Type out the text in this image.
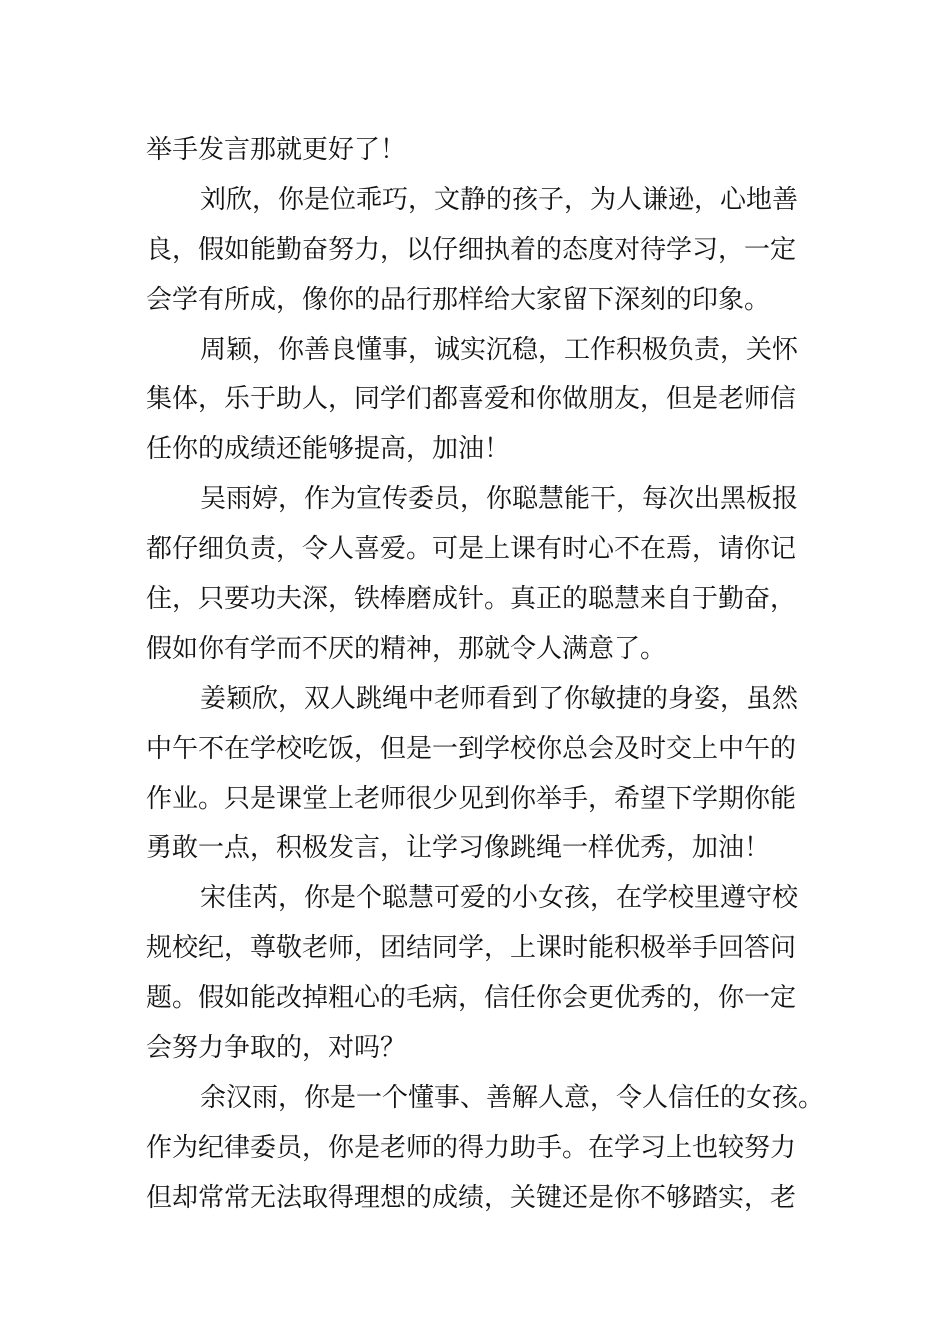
举手发言那就更好了！
刘欣，你是位乖巧，文静的孩子，为人谦逊，心地善
良，假如能勤奋努力，以仔细执着的态度对待学习，一定
会学有所成，像你的品行那样给大家留下深刻的印象。
周颖，你善良懂事，诚实沉稳，工作积极负责，关怀
集体，乐于助人，同学们都喜爱和你做朋友，但是老师信
任你的成绩还能够提高，加油！
吴雨婷，作为宣传委员，你聪慧能干，每次出黑板报
都仔细负责，令人喜爱。可是上课有时心不在焉，请你记
住，只要功夫深，铁棒磨成针。真正的聪慧来自于勤奋，
假如你有学而不厌的精神，那就令人满意了。
姜颖欣，双人跳绳中老师看到了你敏捷的身姿，虽然
中午不在学校吃饭，但是一到学校你总会及时交上中午的
作业。只是课堂上老师很少见到你举手，希望下学期你能
勇敢一点，积极发言，让学习像跳绳一样优秀，加油！
宋佳芮，你是个聪慧可爱的小女孩，在学校里遵守校
规校纪，尊敬老师，团结同学，上课时能积极举手回答问
题。假如能改掉粗心的毛病，信任你会更优秀的，你一定
会努力争取的，对吗？
余汉雨，你是一个懂事、善解人意，令人信任的女孩。
作为纪律委员，你是老师的得力助手。在学习上也较努力
但却常常无法取得理想的成绩，关键还是你不够踏实，老
